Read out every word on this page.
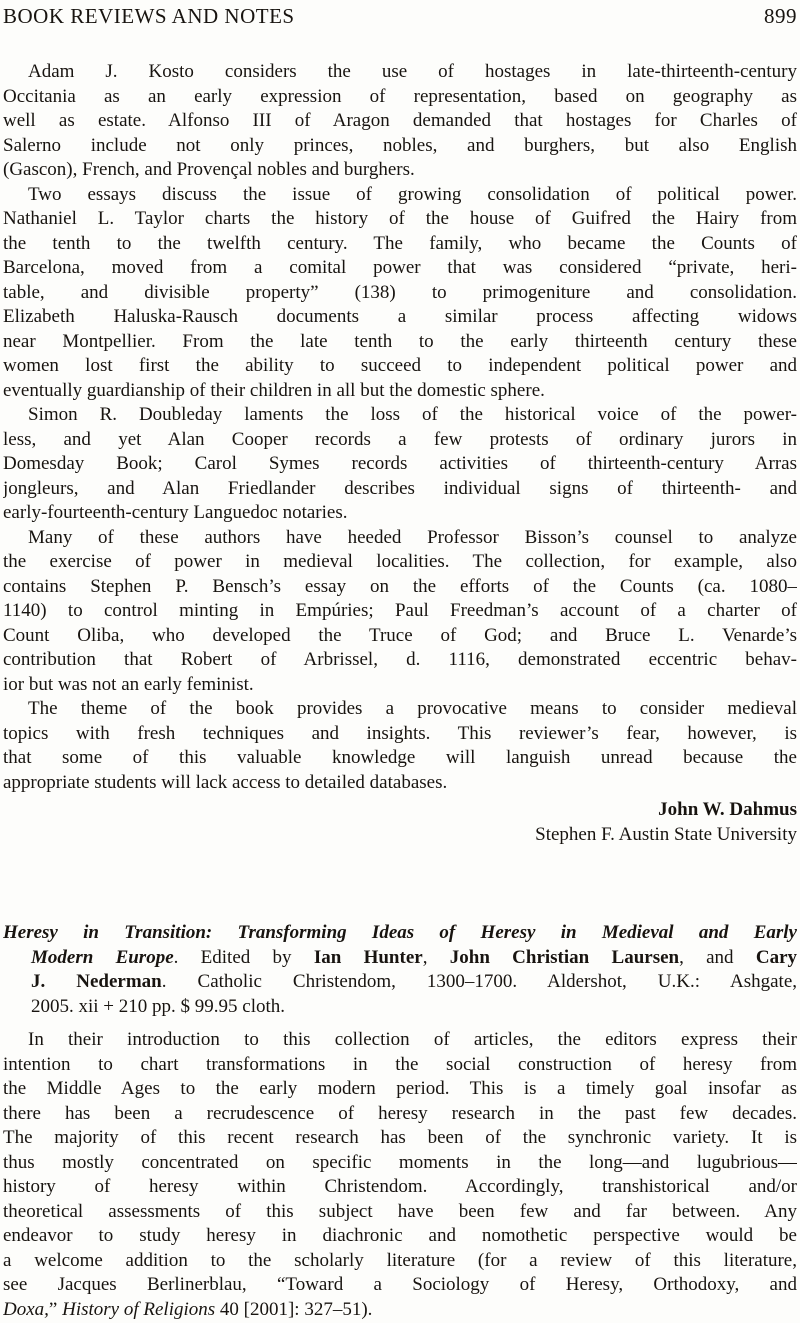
BOOK REVIEWS AND NOTES	899
Adam J. Kosto considers the use of hostages in late-thirteenth-century
Occitania as an early expression of representation, based on geography as
well as estate. Alfonso III of Aragon demanded that hostages for Charles of
Salerno include not only princes, nobles, and burghers, but also English
(Gascon), French, and Provençal nobles and burghers.
Two essays discuss the issue of growing consolidation of political power.
Nathaniel L. Taylor charts the history of the house of Guifred the Hairy from
the tenth to the twelfth century. The family, who became the Counts of
Barcelona, moved from a comital power that was considered “private, heri-
table, and divisible property” (138) to primogeniture and consolidation.
Elizabeth Haluska-Rausch documents a similar process affecting widows
near Montpellier. From the late tenth to the early thirteenth century these
women lost first the ability to succeed to independent political power and
eventually guardianship of their children in all but the domestic sphere.
Simon R. Doubleday laments the loss of the historical voice of the power-
less, and yet Alan Cooper records a few protests of ordinary jurors in
Domesday Book; Carol Symes records activities of thirteenth-century Arras
jongleurs, and Alan Friedlander describes individual signs of thirteenth- and
early-fourteenth-century Languedoc notaries.
Many of these authors have heeded Professor Bisson’s counsel to analyze
the exercise of power in medieval localities. The collection, for example, also
contains Stephen P. Bensch’s essay on the efforts of the Counts (ca. 1080–
1140) to control minting in Empúries; Paul Freedman’s account of a charter of
Count Oliba, who developed the Truce of God; and Bruce L. Venarde’s
contribution that Robert of Arbrissel, d. 1116, demonstrated eccentric behav-
ior but was not an early feminist.
The theme of the book provides a provocative means to consider medieval
topics with fresh techniques and insights. This reviewer’s fear, however, is
that some of this valuable knowledge will languish unread because the
appropriate students will lack access to detailed databases.
John W. Dahmus
Stephen F. Austin State University
Heresy in Transition: Transforming Ideas of Heresy in Medieval and Early
Modern Europe. Edited by Ian Hunter, John Christian Laursen, and Cary
J. Nederman. Catholic Christendom, 1300–1700. Aldershot, U.K.: Ashgate,
2005. xii + 210 pp. $ 99.95 cloth.
In their introduction to this collection of articles, the editors express their
intention to chart transformations in the social construction of heresy from
the Middle Ages to the early modern period. This is a timely goal insofar as
there has been a recrudescence of heresy research in the past few decades.
The majority of this recent research has been of the synchronic variety. It is
thus mostly concentrated on specific moments in the long—and lugubrious—
history of heresy within Christendom. Accordingly, transhistorical and/or
theoretical assessments of this subject have been few and far between. Any
endeavor to study heresy in diachronic and nomothetic perspective would be
a welcome addition to the scholarly literature (for a review of this literature,
see Jacques Berlinerblau, “Toward a Sociology of Heresy, Orthodoxy, and
Doxa,” History of Religions 40 [2001]: 327–51).
